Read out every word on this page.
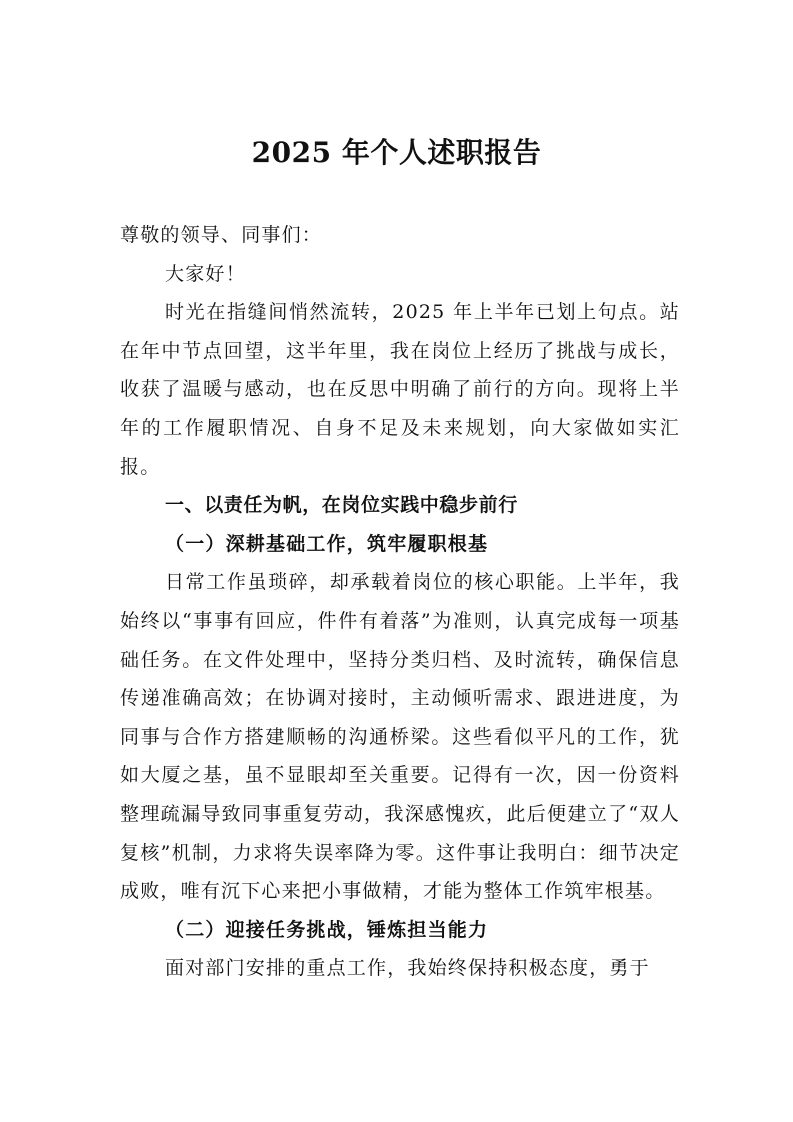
2025 年个人述职报告

尊敬的领导、同事们：

大家好！

时光在指缝间悄然流转，2025 年上半年已划上句点。站在年中节点回望，这半年里，我在岗位上经历了挑战与成长，收获了温暖与感动，也在反思中明确了前行的方向。现将上半年的工作履职情况、自身不足及未来规划，向大家做如实汇报。

一、以责任为帆，在岗位实践中稳步前行

（一）深耕基础工作，筑牢履职根基

日常工作虽琐碎，却承载着岗位的核心职能。上半年，我始终以“事事有回应，件件有着落”为准则，认真完成每一项基础任务。在文件处理中，坚持分类归档、及时流转，确保信息传递准确高效；在协调对接时，主动倾听需求、跟进进度，为同事与合作方搭建顺畅的沟通桥梁。这些看似平凡的工作，犹如大厦之基，虽不显眼却至关重要。记得有一次，因一份资料整理疏漏导致同事重复劳动，我深感愧疚，此后便建立了“双人复核”机制，力求将失误率降为零。这件事让我明白：细节决定成败，唯有沉下心来把小事做精，才能为整体工作筑牢根基。

（二）迎接任务挑战，锤炼担当能力

面对部门安排的重点工作，我始终保持积极态度，勇于
